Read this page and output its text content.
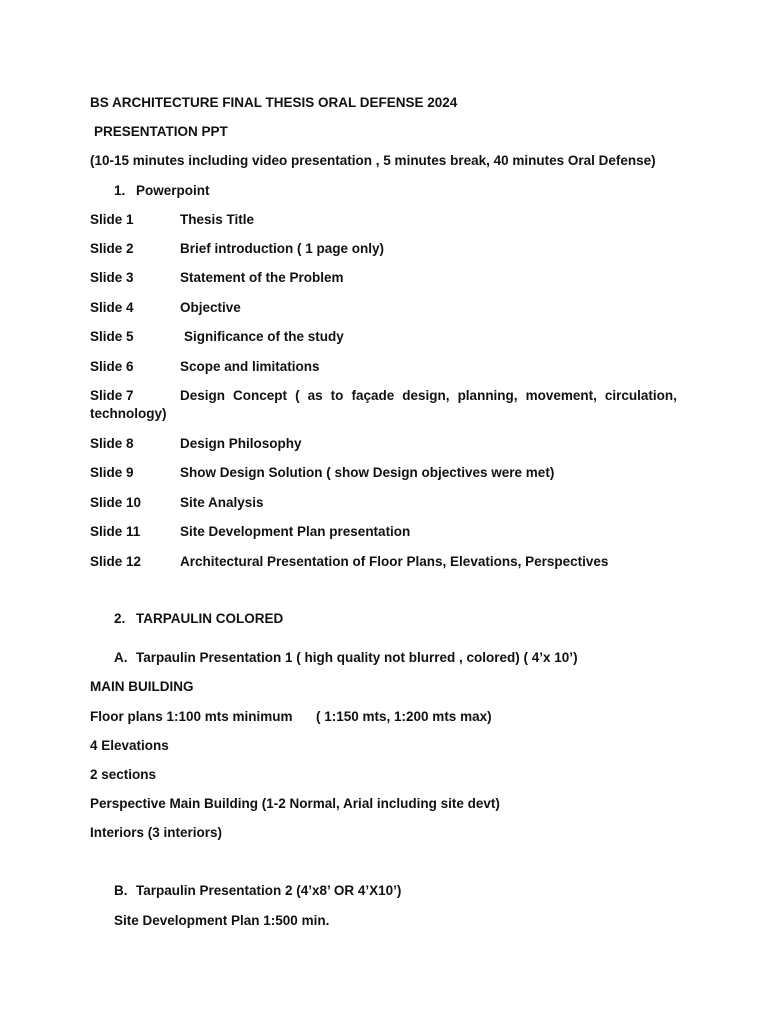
BS ARCHITECTURE FINAL THESIS ORAL DEFENSE 2024
PRESENTATION PPT
(10-15 minutes including video presentation , 5 minutes break, 40 minutes Oral Defense)
1. Powerpoint
Slide 1	Thesis Title
Slide 2	Brief introduction ( 1 page only)
Slide 3	Statement of the Problem
Slide 4	Objective
Slide 5	Significance of the study
Slide 6	Scope and limitations
Slide 7	Design Concept ( as to façade design, planning, movement, circulation,
technology)
Slide 8	Design Philosophy
Slide 9	Show Design Solution ( show Design objectives were met)
Slide 10	Site Analysis
Slide 11	Site Development Plan presentation
Slide 12	Architectural Presentation of Floor Plans, Elevations, Perspectives
2. TARPAULIN COLORED
A. Tarpaulin Presentation 1 ( high quality not blurred , colored) ( 4’x 10’)
MAIN BUILDING
Floor plans 1:100 mts minimum ( 1:150 mts, 1:200 mts max)
4 Elevations
2 sections
Perspective Main Building (1-2 Normal, Arial including site devt)
Interiors (3 interiors)
B. Tarpaulin Presentation 2 (4’x8’ OR 4’X10’)
Site Development Plan 1:500 min.
